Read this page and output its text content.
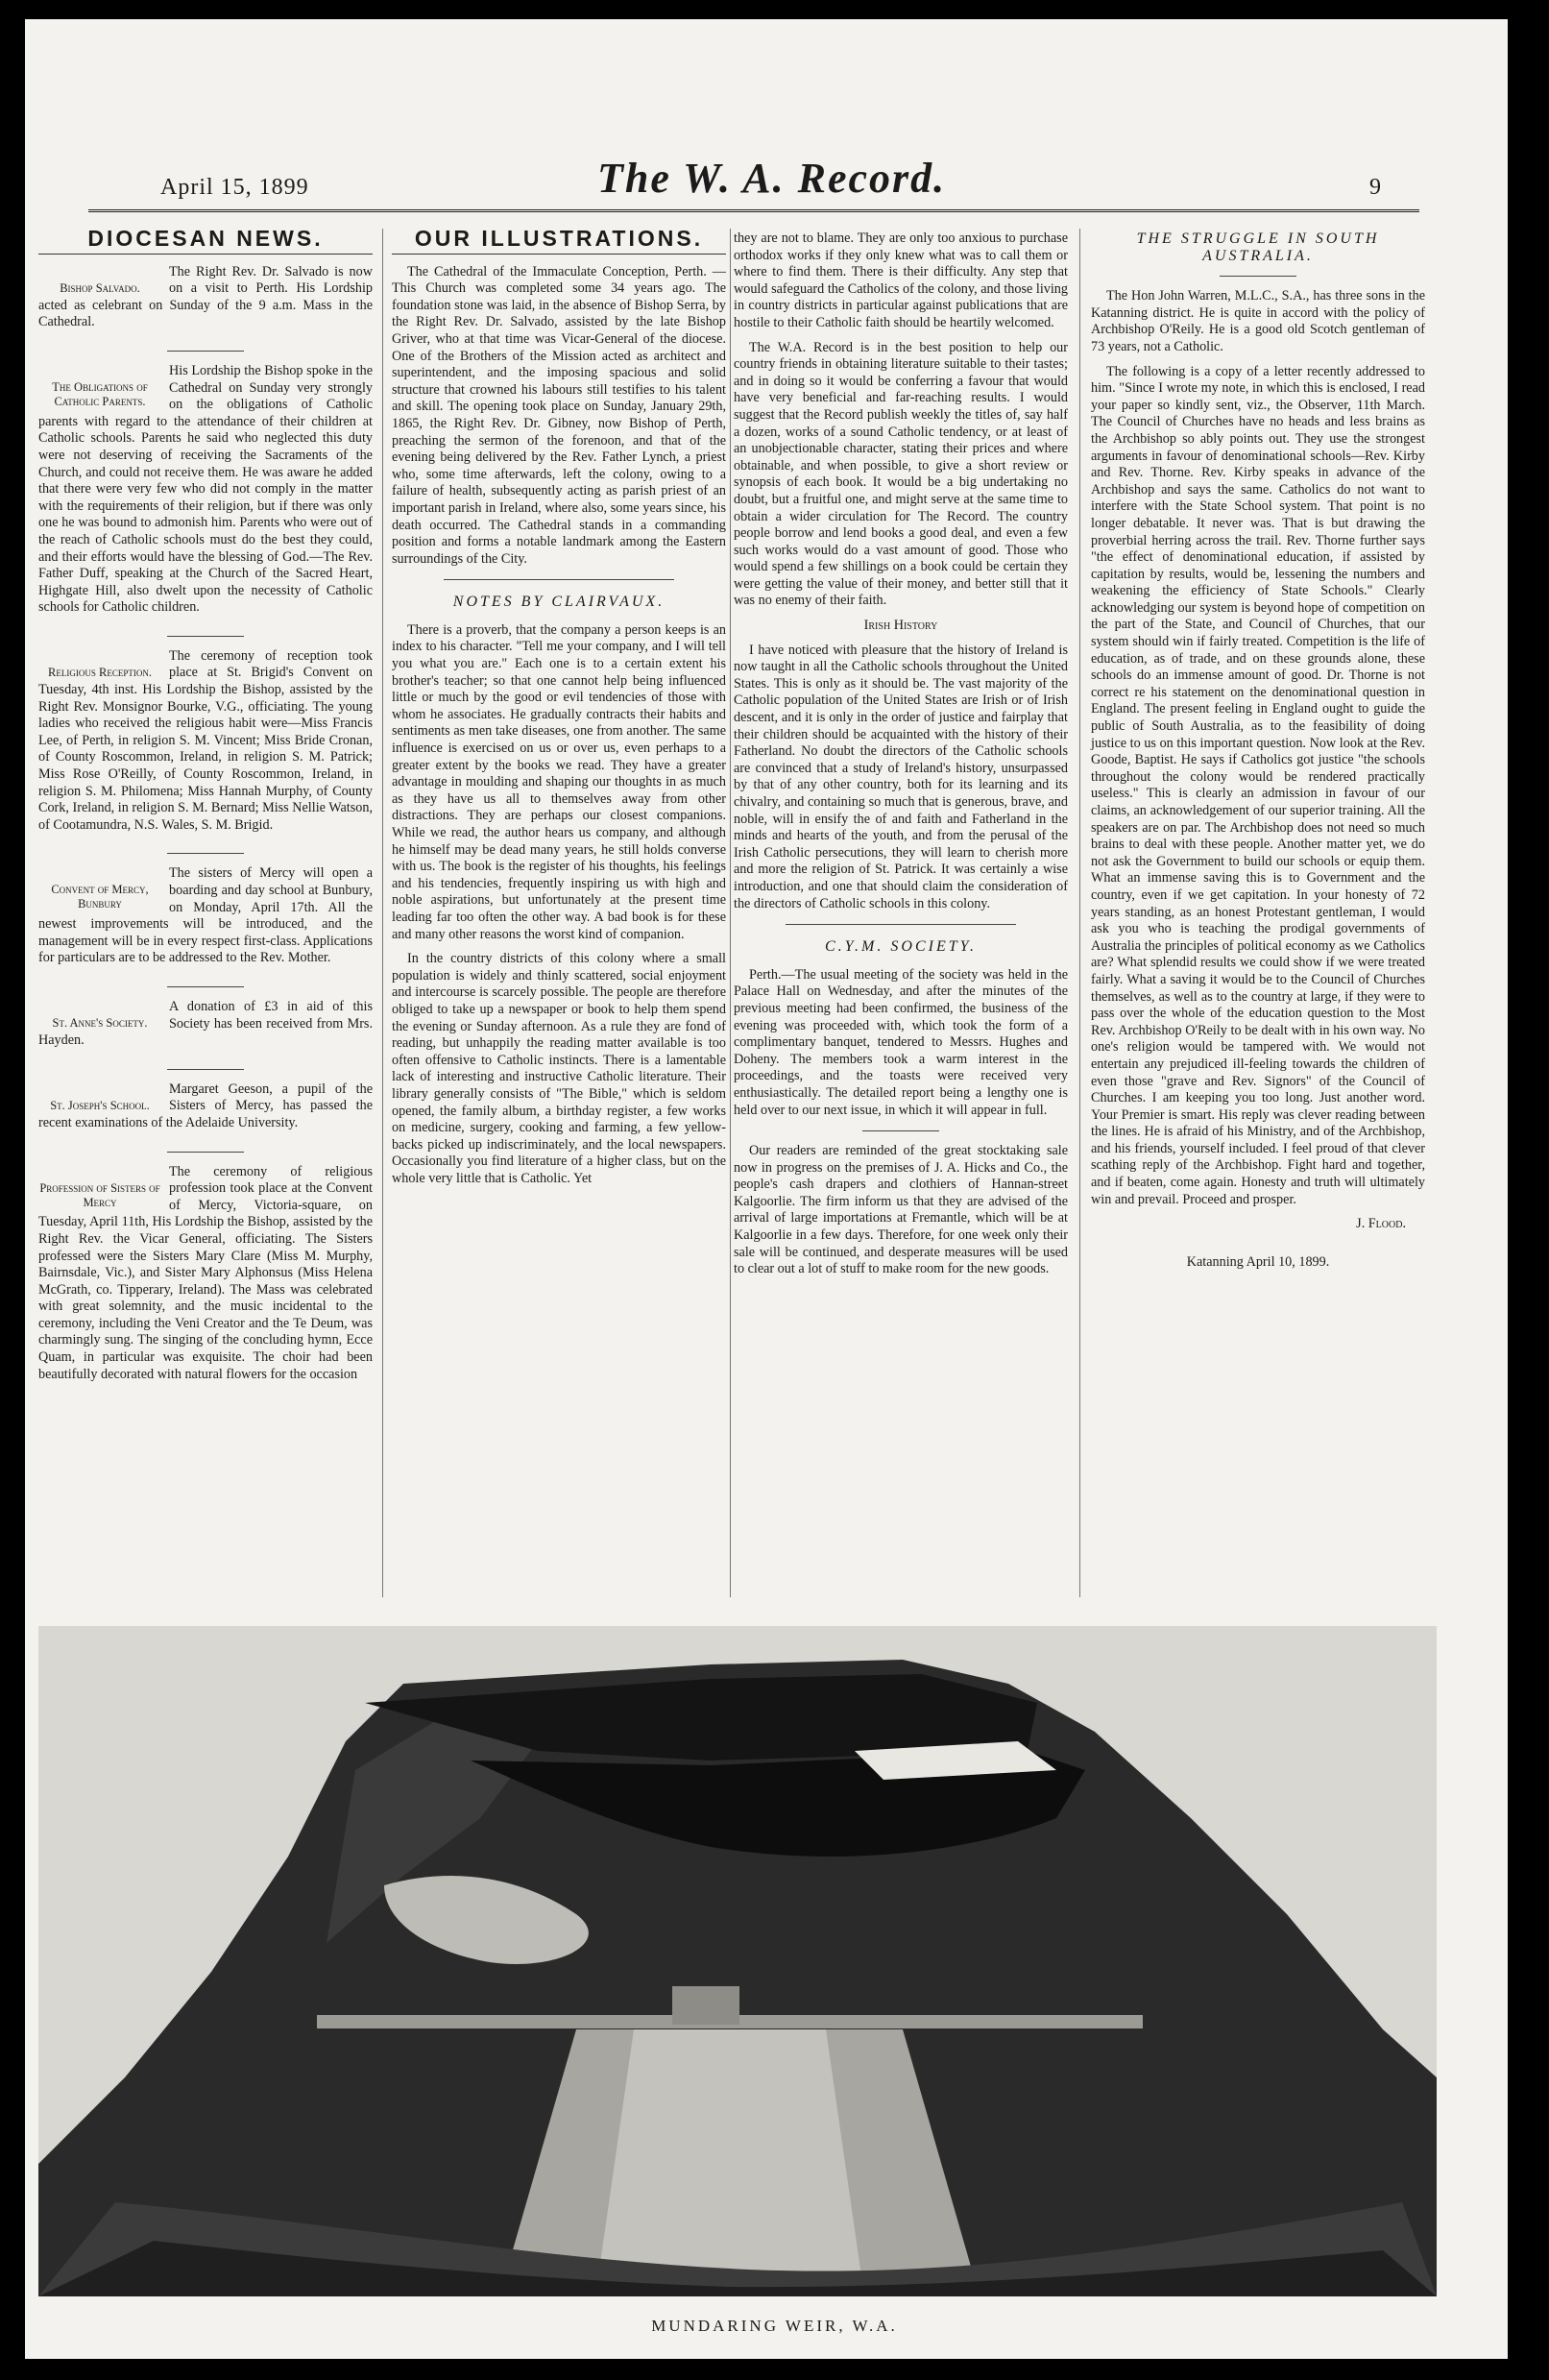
April 15, 1899	The W. A. Record.	9
DIOCESAN NEWS.
Bishop Salvado.

The Right Rev. Dr. Salvado is now on a visit to Perth. His Lordship acted as celebrant on Sunday of the 9 a.m. Mass in the Cathedral.

The Obligations of Catholic Parents.

His Lordship the Bishop spoke in the Cathedral on Sunday very strongly on the obligations of Catholic parents with regard to the attendance of their children at Catholic schools. Parents he said who neglected this duty were not deserving of receiving the Sacraments of the Church, and could not receive them. He was aware he added that there were very few who did not comply in the matter with the requirements of their religion, but if there was only one he was bound to admonish him. Parents who were out of the reach of Catholic schools must do the best they could, and their efforts would have the blessing of God.—The Rev. Father Duff, speaking at the Church of the Sacred Heart, Highgate Hill, also dwelt upon the necessity of Catholic schools for Catholic children.

Religious Reception.

The ceremony of reception took place at St. Brigid's Convent on Tuesday, 4th inst. His Lordship the Bishop, assisted by the Right Rev. Monsignor Bourke, V.G., officiating. The young ladies who received the religious habit were—Miss Francis Lee, of Perth, in religion S. M. Vincent; Miss Bride Cronan, of County Roscommon, Ireland, in religion S. M. Patrick; Miss Rose O'Reilly, of County Roscommon, Ireland, in religion S. M. Philomena; Miss Hannah Murphy, of County Cork, Ireland, in religion S. M. Bernard; Miss Nellie Watson, of Cootamundra, N.S. Wales, S. M. Brigid.

Convent of Mercy, Bunbury

The sisters of Mercy will open a boarding and day school at Bunbury, on Monday, April 17th. All the newest improvements will be introduced, and the management will be in every respect first-class. Applications for particulars are to be addressed to the Rev. Mother.

St. Anne's Society.

A donation of £3 in aid of this Society has been received from Mrs. Hayden.

St. Joseph's School.

Margaret Geeson, a pupil of the Sisters of Mercy, has passed the recent examinations of the Adelaide University.

Profession of Sisters of Mercy

The ceremony of religious profession took place at the Convent of Mercy, Victoria-square, on Tuesday, April 11th, His Lordship the Bishop, assisted by the Right Rev. the Vicar General, officiating. The Sisters professed were the Sisters Mary Clare (Miss M. Murphy, Bairnsdale, Vic.), and Sister Mary Alphonsus (Miss Helena McGrath, co. Tipperary, Ireland). The Mass was celebrated with great solemnity, and the music incidental to the ceremony, including the Veni Creator and the Te Deum, was charmingly sung. The singing of the concluding hymn, Ecce Quam, in particular was exquisite. The choir had been beautifully decorated with natural flowers for the occasion

OUR ILLUSTRATIONS.

The Cathedral of the Immaculate Conception, Perth. — This Church was completed some 34 years ago. The foundation stone was laid, in the absence of Bishop Serra, by the Right Rev. Dr. Salvado, assisted by the late Bishop Griver, who at that time was Vicar-General of the diocese. One of the Brothers of the Mission acted as architect and superintendent, and the imposing spacious and solid structure that crowned his labours still testifies to his talent and skill. The opening took place on Sunday, January 29th, 1865, the Right Rev. Dr. Gibney, now Bishop of Perth, preaching the sermon of the forenoon, and that of the evening being delivered by the Rev. Father Lynch, a priest who, some time afterwards, left the colony, owing to a failure of health, subsequently acting as parish priest of an important parish in Ireland, where also, some years since, his death occurred. The Cathedral stands in a commanding position and forms a notable landmark among the Eastern surroundings of the City.

NOTES BY CLAIRVAUX.

There is a proverb, that the company a person keeps is an index to his character. "Tell me your company, and I will tell you what you are." Each one is to a certain extent his brother's teacher; so that one cannot help being influenced little or much by the good or evil tendencies of those with whom he associates. He gradually contracts their habits and sentiments as men take diseases, one from another. The same influence is exercised on us or over us, even perhaps to a greater extent by the books we read. They have a greater advantage in moulding and shaping our thoughts in as much as they have us all to themselves away from other distractions. They are perhaps our closest companions. While we read, the author hears us company, and although he himself may be dead many years, he still holds converse with us. The book is the register of his thoughts, his feelings and his tendencies, frequently inspiring us with high and noble aspirations, but unfortunately at the present time leading far too often the other way. A bad book is for these and many other reasons the worst kind of companion.

In the country districts of this colony where a small population is widely and thinly scattered, social enjoyment and intercourse is scarcely possible. The people are therefore obliged to take up a newspaper or book to help them spend the evening or Sunday afternoon. As a rule they are fond of reading, but unhappily the reading matter available is too often offensive to Catholic instincts. There is a lamentable lack of interesting and instructive Catholic literature. Their library generally consists of "The Bible," which is seldom opened, the family album, a birthday register, a few works on medicine, surgery, cooking and farming, a few yellow-backs picked up indiscriminately, and the local newspapers. Occasionally you find literature of a higher class, but on the whole very little that is Catholic. Yet

they are not to blame. They are only too anxious to purchase orthodox works if they only knew what was to call them or where to find them. There is their difficulty. Any step that would safeguard the Catholics of the colony, and those living in country districts in particular against publications that are hostile to their Catholic faith should be heartily welcomed.

The W.A. Record is in the best position to help our country friends in obtaining literature suitable to their tastes; and in doing so it would be conferring a favour that would have very beneficial and far-reaching results. I would suggest that the Record publish weekly the titles of, say half a dozen, works of a sound Catholic tendency, or at least of an unobjectionable character, stating their prices and where obtainable, and when possible, to give a short review or synopsis of each book. It would be a big undertaking no doubt, but a fruitful one, and might serve at the same time to obtain a wider circulation for The Record. The country people borrow and lend books a good deal, and even a few such works would do a vast amount of good. Those who would spend a few shillings on a book could be certain they were getting the value of their money, and better still that it was no enemy of their faith.

Irish History

I have noticed with pleasure that the history of Ireland is now taught in all the Catholic schools throughout the United States. This is only as it should be. The vast majority of the Catholic population of the United States are Irish or of Irish descent, and it is only in the order of justice and fairplay that their children should be acquainted with the history of their Fatherland. No doubt the directors of the Catholic schools are convinced that a study of Ireland's history, unsurpassed by that of any other country, both for its learning and its chivalry, and containing so much that is generous, brave, and noble, will in ensify the of and faith and Fatherland in the minds and hearts of the youth, and from the perusal of the Irish Catholic persecutions, they will learn to cherish more and more the religion of St. Patrick. It was certainly a wise introduction, and one that should claim the consideration of the directors of Catholic schools in this colony.

C.Y.M. SOCIETY.

Perth.—The usual meeting of the society was held in the Palace Hall on Wednesday, and after the minutes of the previous meeting had been confirmed, the business of the evening was proceeded with, which took the form of a complimentary banquet, tendered to Messrs. Hughes and Doheny. The members took a warm interest in the proceedings, and the toasts were received very enthusiastically. The detailed report being a lengthy one is held over to our next issue, in which it will appear in full.

Our readers are reminded of the great stocktaking sale now in progress on the premises of J. A. Hicks and Co., the people's cash drapers and clothiers of Hannan-street Kalgoorlie. The firm inform us that they are advised of the arrival of large importations at Fremantle, which will be at Kalgoorlie in a few days. Therefore, for one week only their sale will be continued, and desperate measures will be used to clear out a lot of stuff to make room for the new goods.

THE STRUGGLE IN SOUTH AUSTRALIA.

The Hon John Warren, M.L.C., S.A., has three sons in the Katanning district. He is quite in accord with the policy of Archbishop O'Reily. He is a good old Scotch gentleman of 73 years, not a Catholic.

The following is a copy of a letter recently addressed to him. "Since I wrote my note, in which this is enclosed, I read your paper so kindly sent, viz., the Observer, 11th March. The Council of Churches have no heads and less brains as the Archbishop so ably points out. They use the strongest arguments in favour of denominational schools—Rev. Kirby and Rev. Thorne. Rev. Kirby speaks in advance of the Archbishop and says the same. Catholics do not want to interfere with the State School system. That point is no longer debatable. It never was. That is but drawing the proverbial herring across the trail. Rev. Thorne further says "the effect of denominational education, if assisted by capitation by results, would be, lessening the numbers and weakening the efficiency of State Schools." Clearly acknowledging our system is beyond hope of competition on the part of the State, and Council of Churches, that our system should win if fairly treated. Competition is the life of education, as of trade, and on these grounds alone, these schools do an immense amount of good. Dr. Thorne is not correct re his statement on the denominational question in England. The present feeling in England ought to guide the public of South Australia, as to the feasibility of doing justice to us on this important question. Now look at the Rev. Goode, Baptist. He says if Catholics got justice "the schools throughout the colony would be rendered practically useless." This is clearly an admission in favour of our claims, an acknowledgement of our superior training. All the speakers are on par. The Archbishop does not need so much brains to deal with these people. Another matter yet, we do not ask the Government to build our schools or equip them. What an immense saving this is to Government and the country, even if we get capitation. In your honesty of 72 years standing, as an honest Protestant gentleman, I would ask you who is teaching the prodigal governments of Australia the principles of political economy as we Catholics are? What splendid results we could show if we were treated fairly. What a saving it would be to the Council of Churches themselves, as well as to the country at large, if they were to pass over the whole of the education question to the Most Rev. Archbishop O'Reily to be dealt with in his own way. No one's religion would be tampered with. We would not entertain any prejudiced ill-feeling towards the children of even those "grave and Rev. Signors" of the Council of Churches. I am keeping you too long. Just another word. Your Premier is smart. His reply was clever reading between the lines. He is afraid of his Ministry, and of the Archbishop, and his friends, yourself included. I feel proud of that clever scathing reply of the Archbishop. Fight hard and together, and if beaten, come again. Honesty and truth will ultimately win and prevail. Proceed and prosper.

J. Flood.

Katanning April 10, 1899.

MUNDARING WEIR, W.A.
